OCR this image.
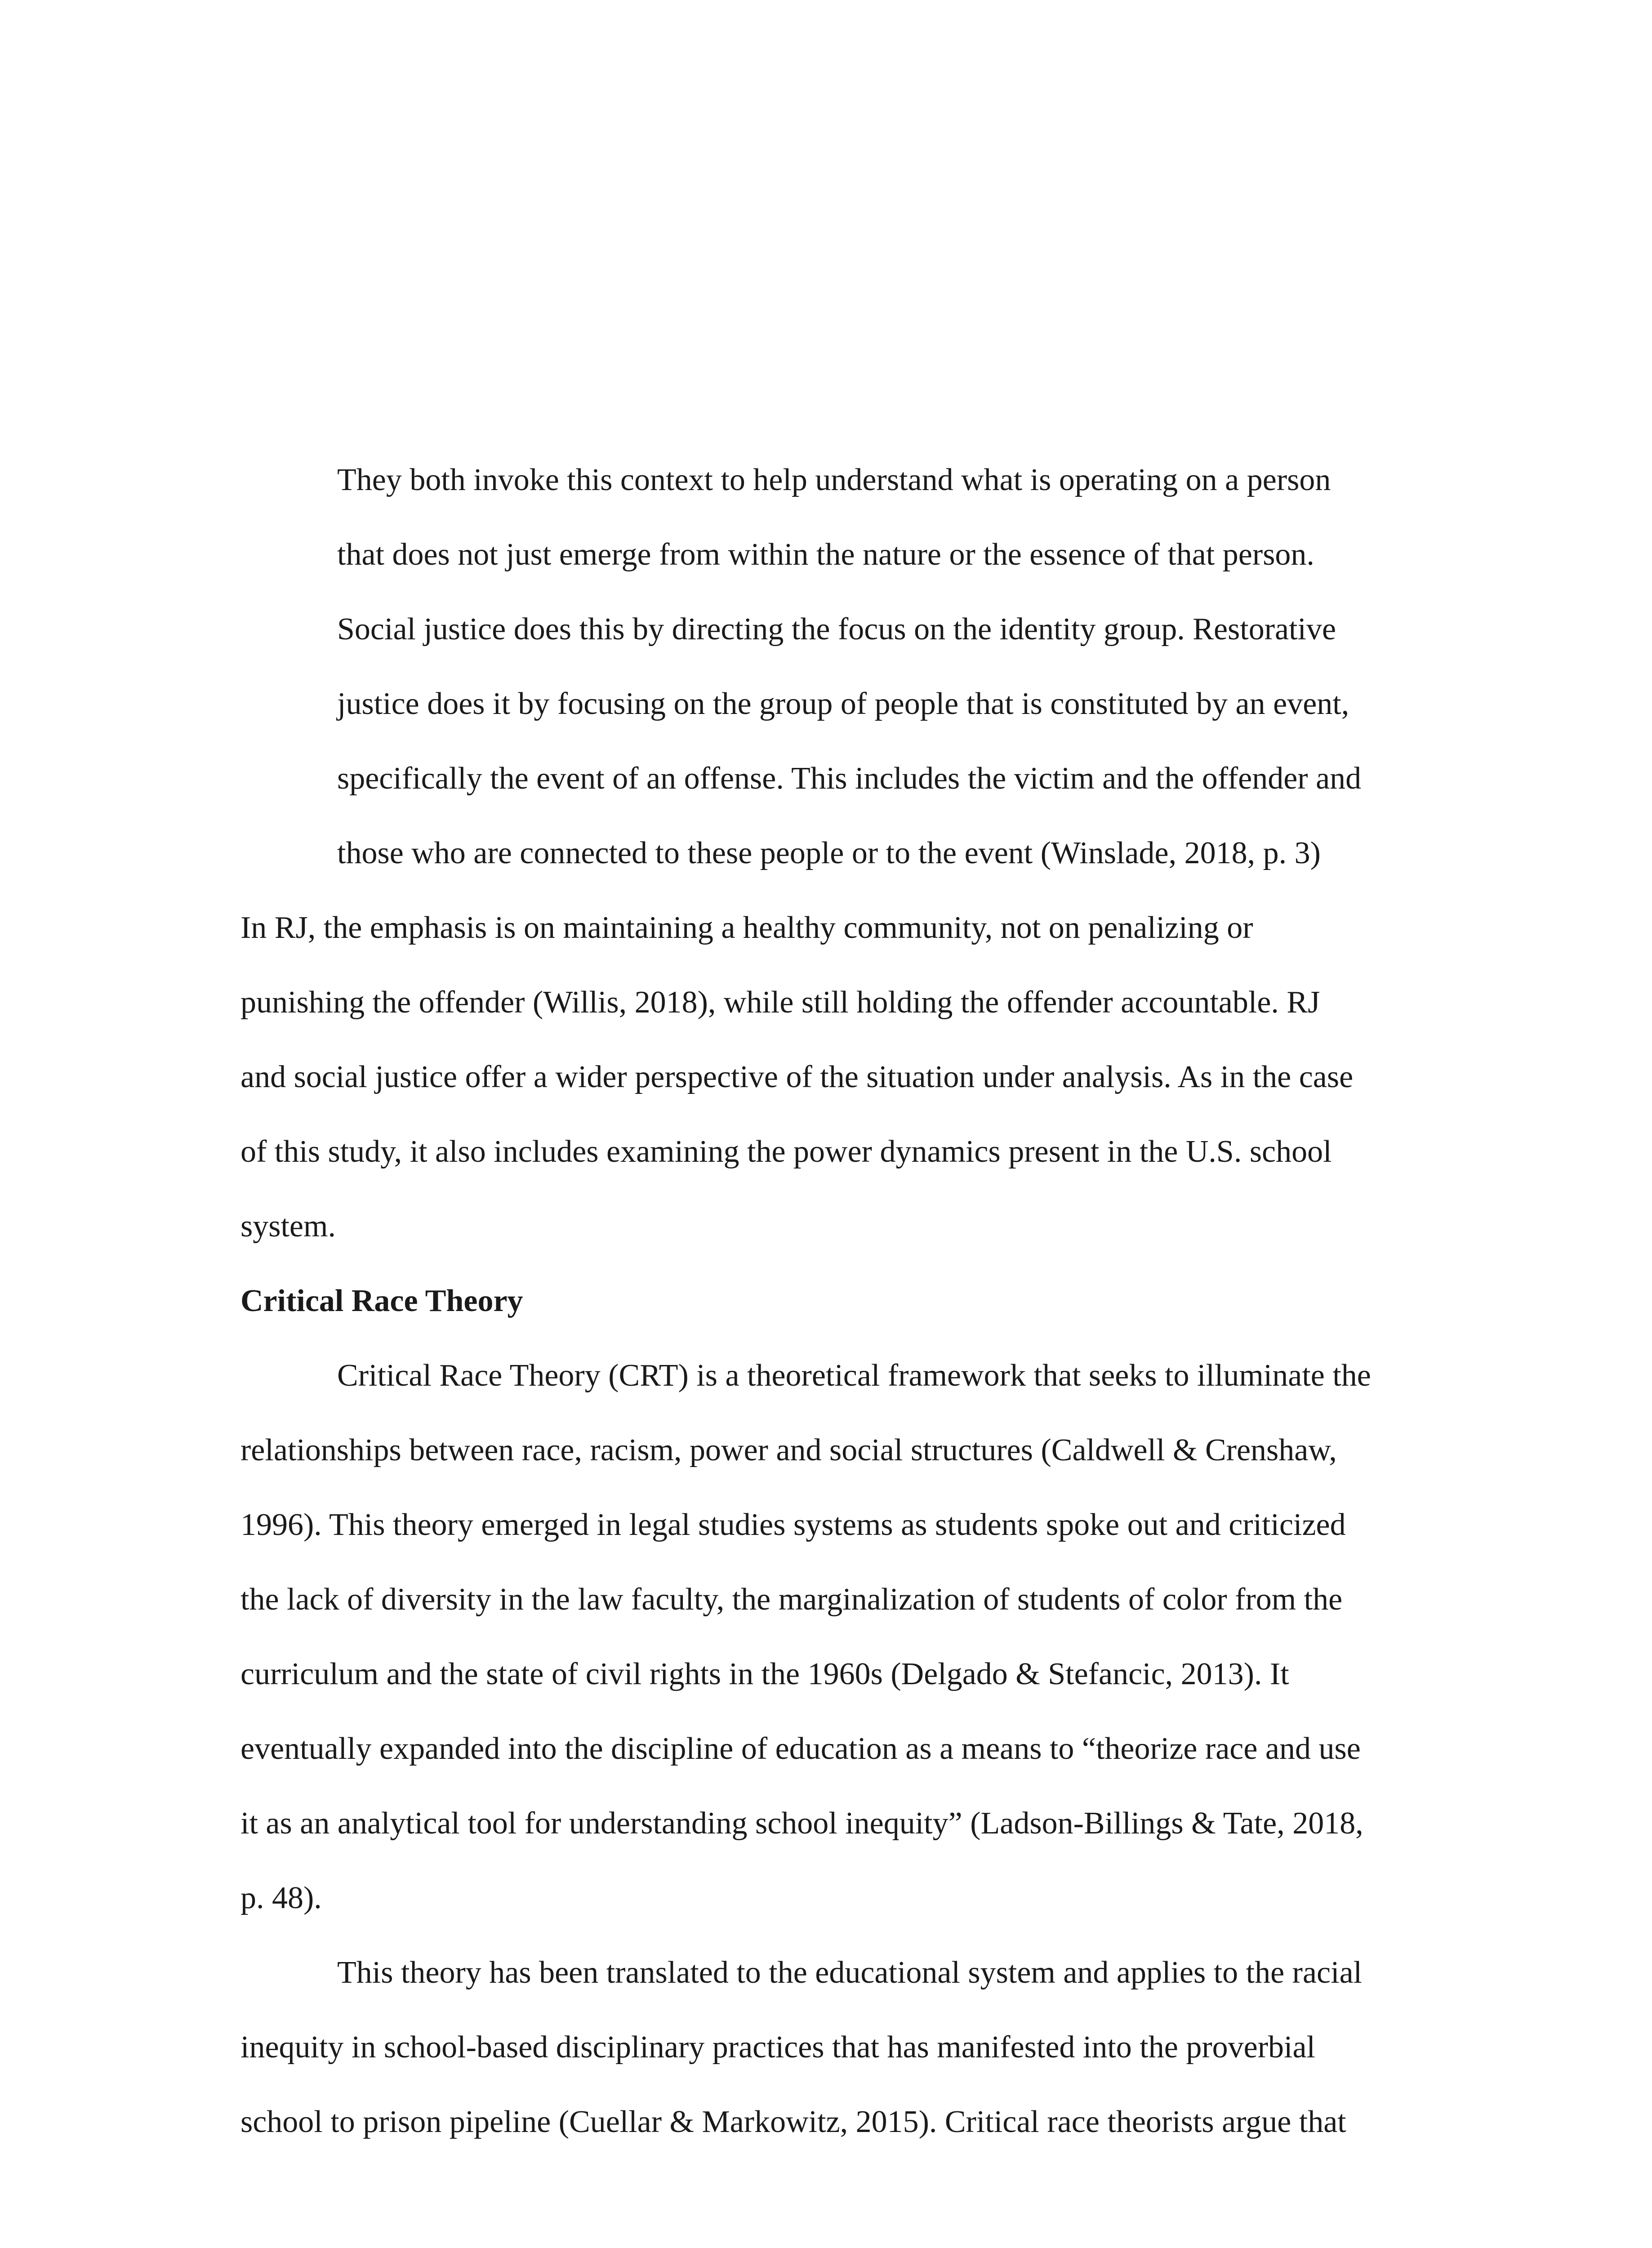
They both invoke this context to help understand what is operating on a person
that does not just emerge from within the nature or the essence of that person.
Social justice does this by directing the focus on the identity group. Restorative
justice does it by focusing on the group of people that is constituted by an event,
specifically the event of an offense. This includes the victim and the offender and
those who are connected to these people or to the event (Winslade, 2018, p. 3)
In RJ, the emphasis is on maintaining a healthy community, not on penalizing or
punishing the offender (Willis, 2018), while still holding the offender accountable. RJ
and social justice offer a wider perspective of the situation under analysis. As in the case
of this study, it also includes examining the power dynamics present in the U.S. school
system.
Critical Race Theory
Critical Race Theory (CRT) is a theoretical framework that seeks to illuminate the
relationships between race, racism, power and social structures (Caldwell & Crenshaw,
1996). This theory emerged in legal studies systems as students spoke out and criticized
the lack of diversity in the law faculty, the marginalization of students of color from the
curriculum and the state of civil rights in the 1960s (Delgado & Stefancic, 2013). It
eventually expanded into the discipline of education as a means to “theorize race and use
it as an analytical tool for understanding school inequity” (Ladson-Billings & Tate, 2018,
p. 48).
This theory has been translated to the educational system and applies to the racial
inequity in school-based disciplinary practices that has manifested into the proverbial
school to prison pipeline (Cuellar & Markowitz, 2015). Critical race theorists argue that
